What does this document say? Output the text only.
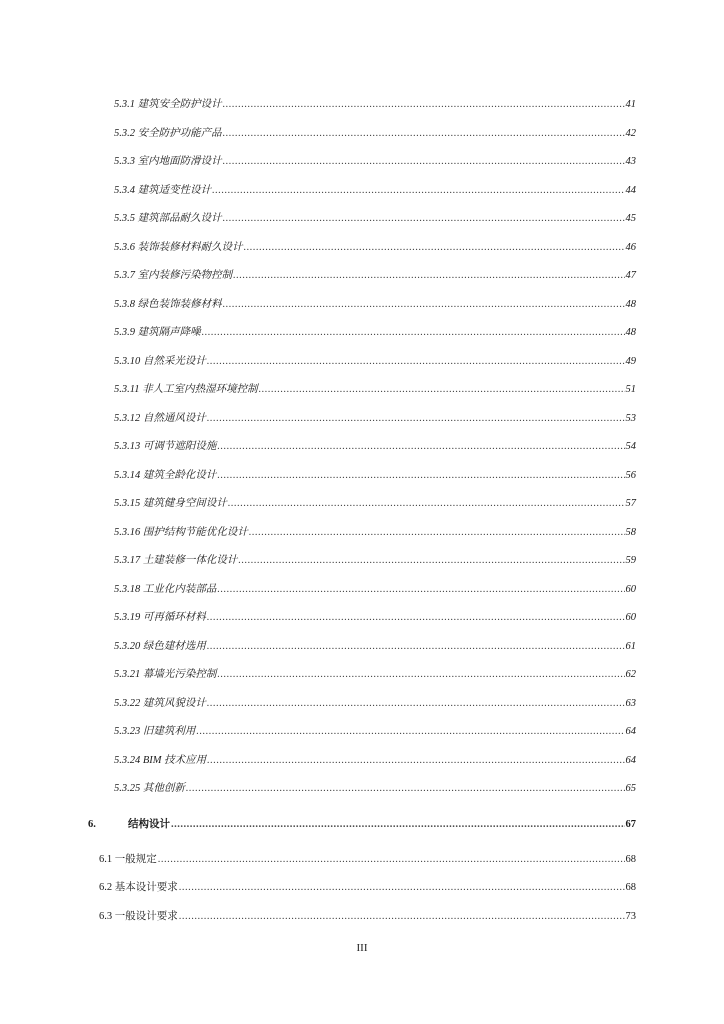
5.3.1 建筑安全防护设计 .....	41
5.3.2 安全防护功能产品 .....	42
5.3.3 室内地面防滑设计 .....	43
5.3.4 建筑适变性设计 .....	44
5.3.5 建筑部品耐久设计 .....	45
5.3.6 装饰装修材料耐久设计 .....	46
5.3.7 室内装修污染物控制 .....	47
5.3.8 绿色装饰装修材料 .....	48
5.3.9 建筑隔声降噪 .....	48
5.3.10 自然采光设计 .....	49
5.3.11 非人工室内热湿环境控制 .....	51
5.3.12 自然通风设计 .....	53
5.3.13 可调节遮阳设施 .....	54
5.3.14 建筑全龄化设计 .....	56
5.3.15 建筑健身空间设计 .....	57
5.3.16 围护结构节能优化设计 .....	58
5.3.17 土建装修一体化设计 .....	59
5.3.18 工业化内装部品 .....	60
5.3.19 可再循环材料 .....	60
5.3.20 绿色建材选用 .....	61
5.3.21 幕墙光污染控制 .....	62
5.3.22 建筑风貌设计 .....	63
5.3.23 旧建筑利用 .....	64
5.3.24 BIM 技术应用 .....	64
5.3.25 其他创新 .....	65
6.	结构设计 .....	67
6.1 一般规定 .....	68
6.2 基本设计要求 .....	68
6.3 一般设计要求 .....	73
III
